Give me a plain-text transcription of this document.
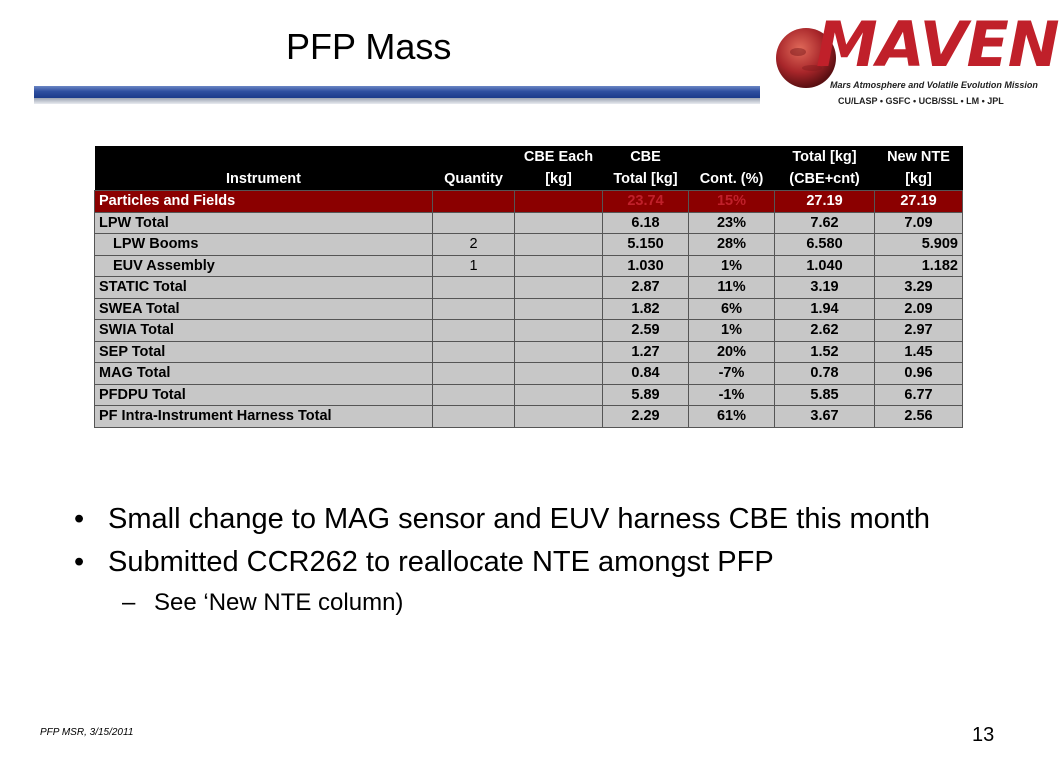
PFP Mass	MAVEN
Mars Atmosphere and Volatile Evolution Mission
CU/LASP • GSFC • UCB/SSL • LM • JPL
		CBE Each	CBE		Total [kg]	New NTE
Instrument	Quantity	[kg]	Total [kg]	Cont. (%)	(CBE+cnt)	[kg]
Particles and Fields			23.74	15%	27.19	27.19
LPW Total			6.18	23%	7.62	7.09
LPW Booms	2		5.150	28%	6.580	5.909
EUV Assembly	1		1.030	1%	1.040	1.182
STATIC Total			2.87	11%	3.19	3.29
SWEA Total			1.82	6%	1.94	2.09
SWIA Total			2.59	1%	2.62	2.97
SEP Total			1.27	20%	1.52	1.45
MAG Total			0.84	-7%	0.78	0.96
PFDPU Total			5.89	-1%	5.85	6.77
PF Intra-Instrument Harness Total			2.29	61%	3.67	2.56
• Small change to MAG sensor and EUV harness CBE this month
• Submitted CCR262 to reallocate NTE amongst PFP
– See ‘New NTE column)
PFP MSR, 3/15/2011	13
